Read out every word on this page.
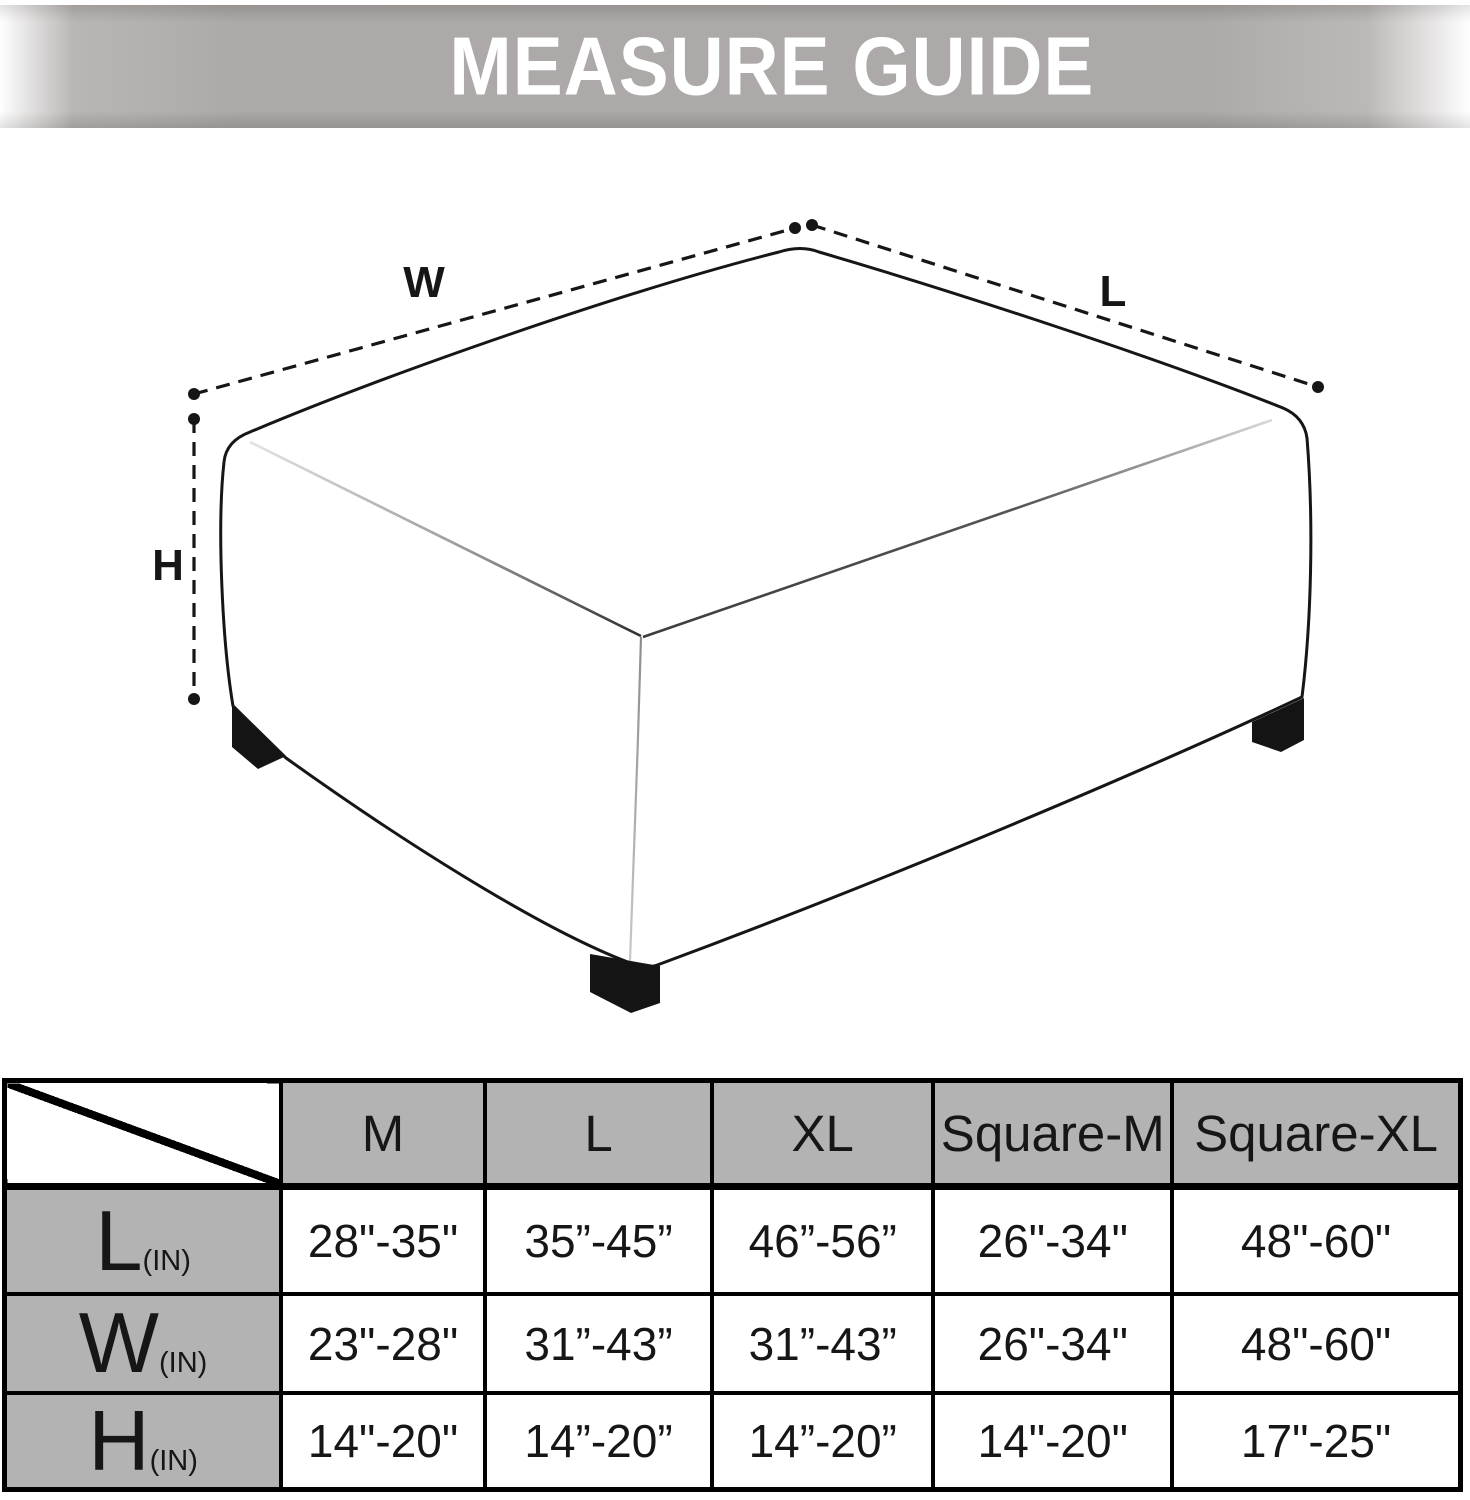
MEASURE GUIDE
W	L
H
	M	L	XL	Square-M	Square-XL
L(IN)	28"-35"	35”-45”	46”-56”	26"-34"	48"-60"
W(IN)	23"-28"	31”-43”	31”-43”	26"-34"	48"-60"
H(IN)	14"-20"	14”-20”	14”-20”	14"-20"	17"-25"
